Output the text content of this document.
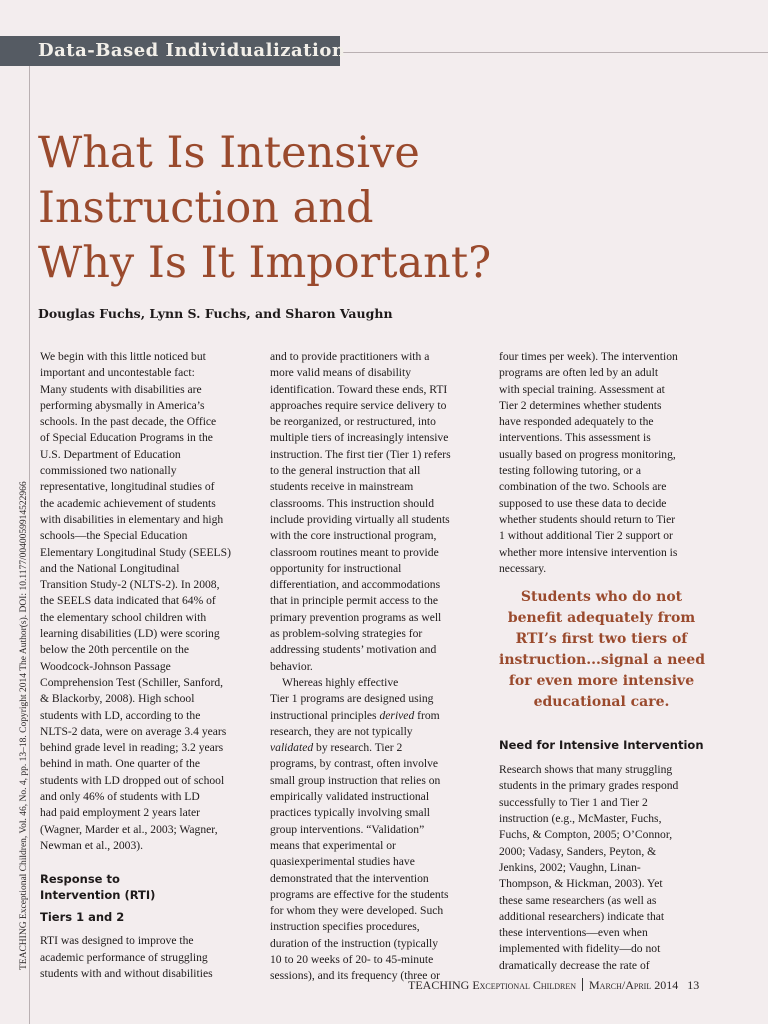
Data-Based Individualization
What Is Intensive
Instruction and
Why Is It Important?
Douglas Fuchs, Lynn S. Fuchs, and Sharon Vaughn
TEACHING Exceptional Children, Vol. 46, No. 4, pp. 13–18. Copyright 2014 The Author(s). DOI: 10.1177/0040059914522966
We begin with this little noticed but
important and uncontestable fact:
Many students with disabilities are
performing abysmally in America’s
schools. In the past decade, the Office
of Special Education Programs in the
U.S. Department of Education
commissioned two nationally
representative, longitudinal studies of
the academic achievement of students
with disabilities in elementary and high
schools—the Special Education
Elementary Longitudinal Study (SEELS)
and the National Longitudinal
Transition Study-2 (NLTS-2). In 2008,
the SEELS data indicated that 64% of
the elementary school children with
learning disabilities (LD) were scoring
below the 20th percentile on the
Woodcock-Johnson Passage
Comprehension Test (Schiller, Sanford,
& Blackorby, 2008). High school
students with LD, according to the
NLTS-2 data, were on average 3.4 years
behind grade level in reading; 3.2 years
behind in math. One quarter of the
students with LD dropped out of school
and only 46% of students with LD
had paid employment 2 years later
(Wagner, Marder et al., 2003; Wagner,
Newman et al., 2003).
Response to
Intervention (RTI)
Tiers 1 and 2
RTI was designed to improve the
academic performance of struggling
students with and without disabilities
and to provide practitioners with a
more valid means of disability
identification. Toward these ends, RTI
approaches require service delivery to
be reorganized, or restructured, into
multiple tiers of increasingly intensive
instruction. The first tier (Tier 1) refers
to the general instruction that all
students receive in mainstream
classrooms. This instruction should
include providing virtually all students
with the core instructional program,
classroom routines meant to provide
opportunity for instructional
differentiation, and accommodations
that in principle permit access to the
primary prevention programs as well
as problem-solving strategies for
addressing students’ motivation and
behavior.
Whereas highly effective
Tier 1 programs are designed using
instructional principles derived from
research, they are not typically
validated by research. Tier 2
programs, by contrast, often involve
small group instruction that relies on
empirically validated instructional
practices typically involving small
group interventions. “Validation”
means that experimental or
quasiexperimental studies have
demonstrated that the intervention
programs are effective for the students
for whom they were developed. Such
instruction specifies procedures,
duration of the instruction (typically
10 to 20 weeks of 20- to 45-minute
sessions), and its frequency (three or
four times per week). The intervention
programs are often led by an adult
with special training. Assessment at
Tier 2 determines whether students
have responded adequately to the
interventions. This assessment is
usually based on progress monitoring,
testing following tutoring, or a
combination of the two. Schools are
supposed to use these data to decide
whether students should return to Tier
1 without additional Tier 2 support or
whether more intensive intervention is
necessary.
Need for Intensive Intervention
Research shows that many struggling
students in the primary grades respond
successfully to Tier 1 and Tier 2
instruction (e.g., McMaster, Fuchs,
Fuchs, & Compton, 2005; O’Connor,
2000; Vadasy, Sanders, Peyton, &
Jenkins, 2002; Vaughn, Linan-
Thompson, & Hickman, 2003). Yet
these same researchers (as well as
additional researchers) indicate that
these interventions—even when
implemented with fidelity—do not
dramatically decrease the rate of
Students who do not
benefit adequately from
RTI’s first two tiers of
instruction...signal a need
for even more intensive
educational care.
TEACHING Exceptional Children March/April 2014 13
